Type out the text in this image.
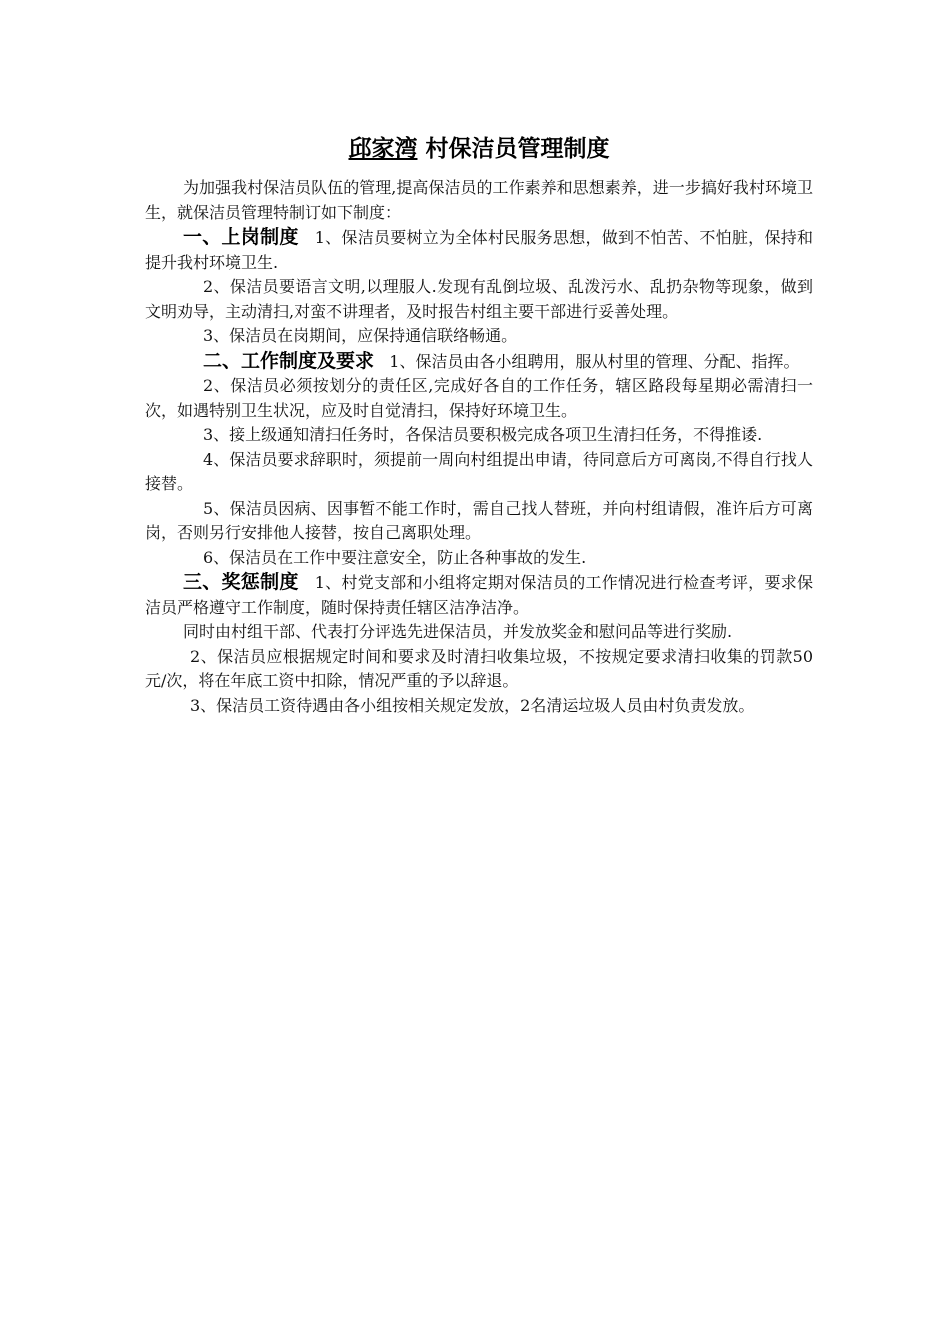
邱家湾 村保洁员管理制度

为加强我村保洁员队伍的管理,提高保洁员的工作素养和思想素养，进一步搞好我村环境卫生，就保洁员管理特制订如下制度：

一、上岗制度 1、保洁员要树立为全体村民服务思想，做到不怕苦、不怕脏，保持和提升我村环境卫生.

2、保洁员要语言文明,以理服人.发现有乱倒垃圾、乱泼污水、乱扔杂物等现象，做到文明劝导，主动清扫,对蛮不讲理者，及时报告村组主要干部进行妥善处理。

3、保洁员在岗期间，应保持通信联络畅通。

二、工作制度及要求 1、保洁员由各小组聘用，服从村里的管理、分配、指挥。

2、保洁员必须按划分的责任区,完成好各自的工作任务，辖区路段每星期必需清扫一次，如遇特别卫生状况，应及时自觉清扫，保持好环境卫生。

3、接上级通知清扫任务时，各保洁员要积极完成各项卫生清扫任务，不得推诿.

4、保洁员要求辞职时，须提前一周向村组提出申请，待同意后方可离岗,不得自行找人接替。

5、保洁员因病、因事暂不能工作时，需自己找人替班，并向村组请假，准许后方可离岗，否则另行安排他人接替，按自己离职处理。

6、保洁员在工作中要注意安全，防止各种事故的发生.

三、奖惩制度 1、村党支部和小组将定期对保洁员的工作情况进行检查考评，要求保洁员严格遵守工作制度，随时保持责任辖区洁净洁净。

同时由村组干部、代表打分评选先进保洁员，并发放奖金和慰问品等进行奖励.

2、保洁员应根据规定时间和要求及时清扫收集垃圾，不按规定要求清扫收集的罚款50元/次，将在年底工资中扣除，情况严重的予以辞退。

3、保洁员工资待遇由各小组按相关规定发放，2名清运垃圾人员由村负责发放。
